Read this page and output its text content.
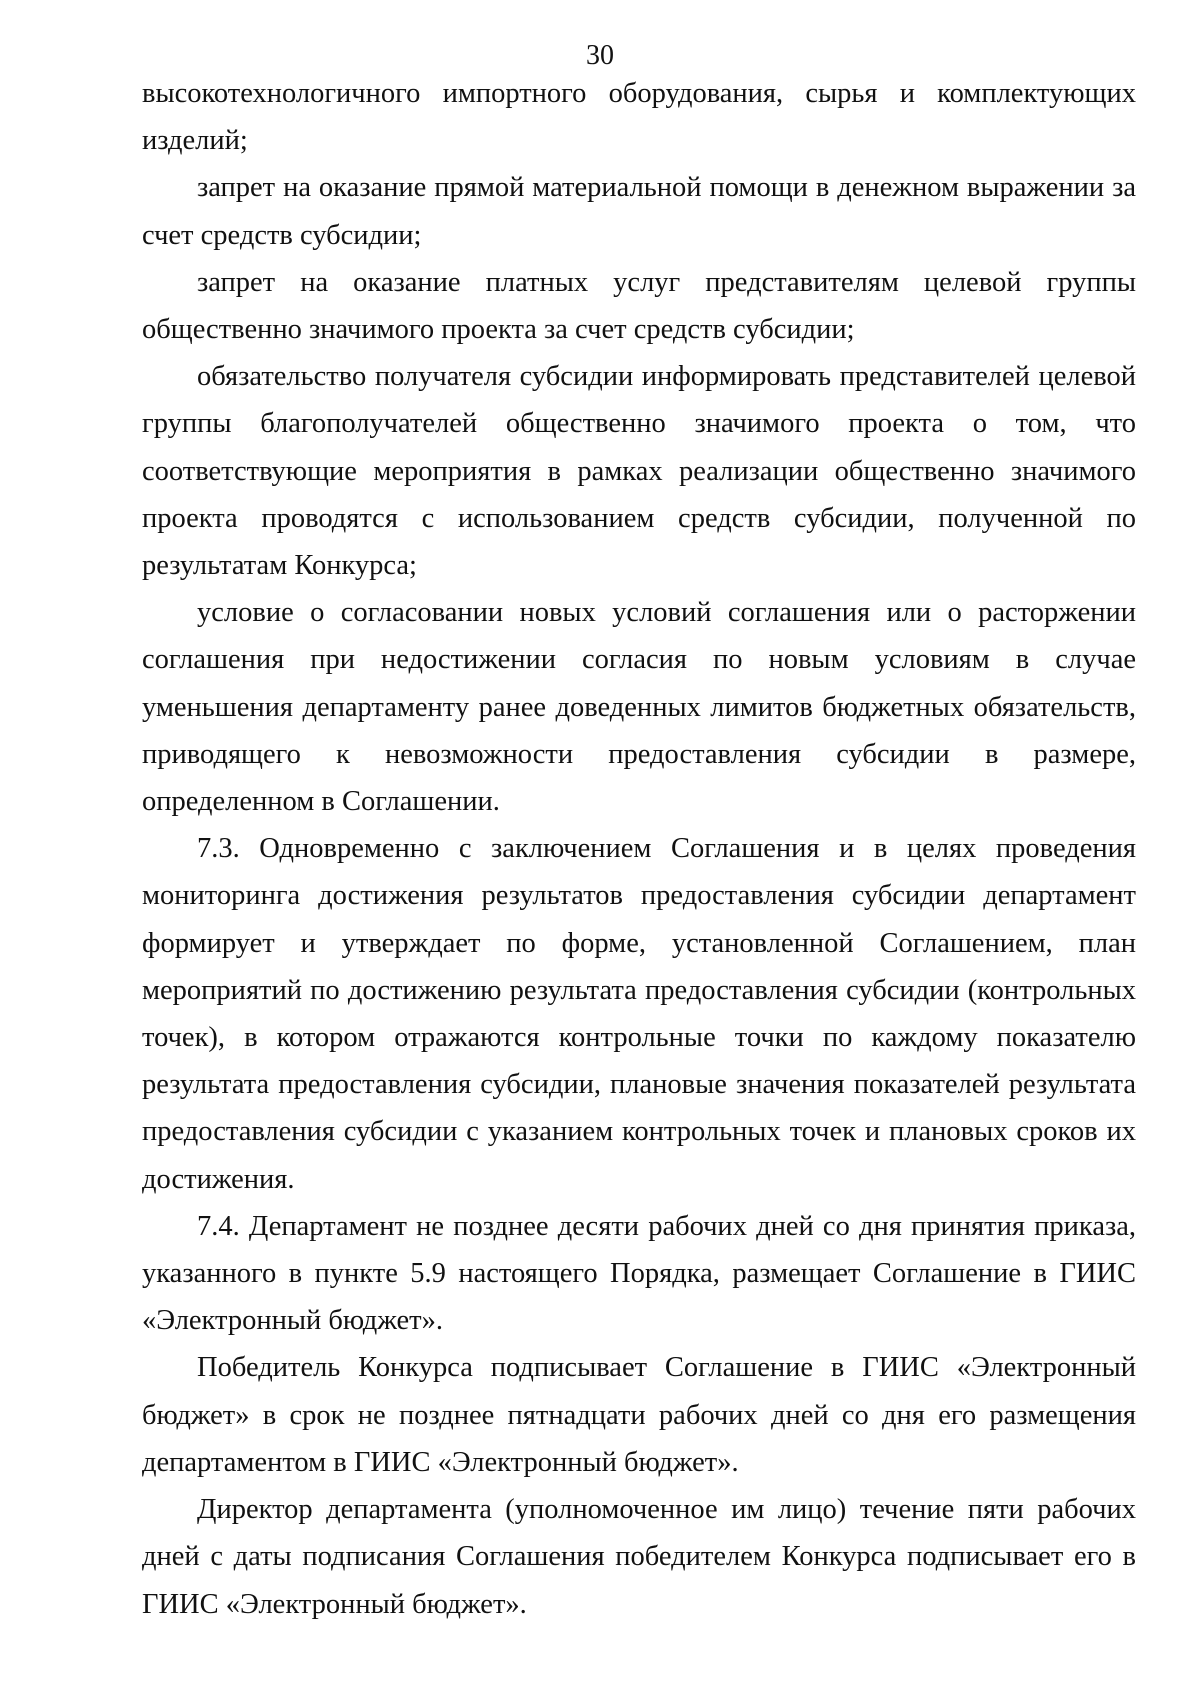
30

высокотехнологичного импортного оборудования, сырья и комплектующих изделий;

запрет на оказание прямой материальной помощи в денежном выражении за счет средств субсидии;

запрет на оказание платных услуг представителям целевой группы общественно значимого проекта за счет средств субсидии;

обязательство получателя субсидии информировать представителей целевой группы благополучателей общественно значимого проекта о том, что соответствующие мероприятия в рамках реализации общественно значимого проекта проводятся с использованием средств субсидии, полученной по результатам Конкурса;

условие о согласовании новых условий соглашения или о расторжении соглашения при недостижении согласия по новым условиям в случае уменьшения департаменту ранее доведенных лимитов бюджетных обязательств, приводящего к невозможности предоставления субсидии в размере, определенном в Соглашении.

7.3. Одновременно с заключением Соглашения и в целях проведения мониторинга достижения результатов предоставления субсидии департамент формирует и утверждает по форме, установленной Соглашением, план мероприятий по достижению результата предоставления субсидии (контрольных точек), в котором отражаются контрольные точки по каждому показателю результата предоставления субсидии, плановые значения показателей результата предоставления субсидии с указанием контрольных точек и плановых сроков их достижения.

7.4. Департамент не позднее десяти рабочих дней со дня принятия приказа, указанного в пункте 5.9 настоящего Порядка, размещает Соглашение в ГИИС «Электронный бюджет».

Победитель Конкурса подписывает Соглашение в ГИИС «Электронный бюджет» в срок не позднее пятнадцати рабочих дней со дня его размещения департаментом в ГИИС «Электронный бюджет».

Директор департамента (уполномоченное им лицо) течение пяти рабочих дней с даты подписания Соглашения победителем Конкурса подписывает его в ГИИС «Электронный бюджет».
